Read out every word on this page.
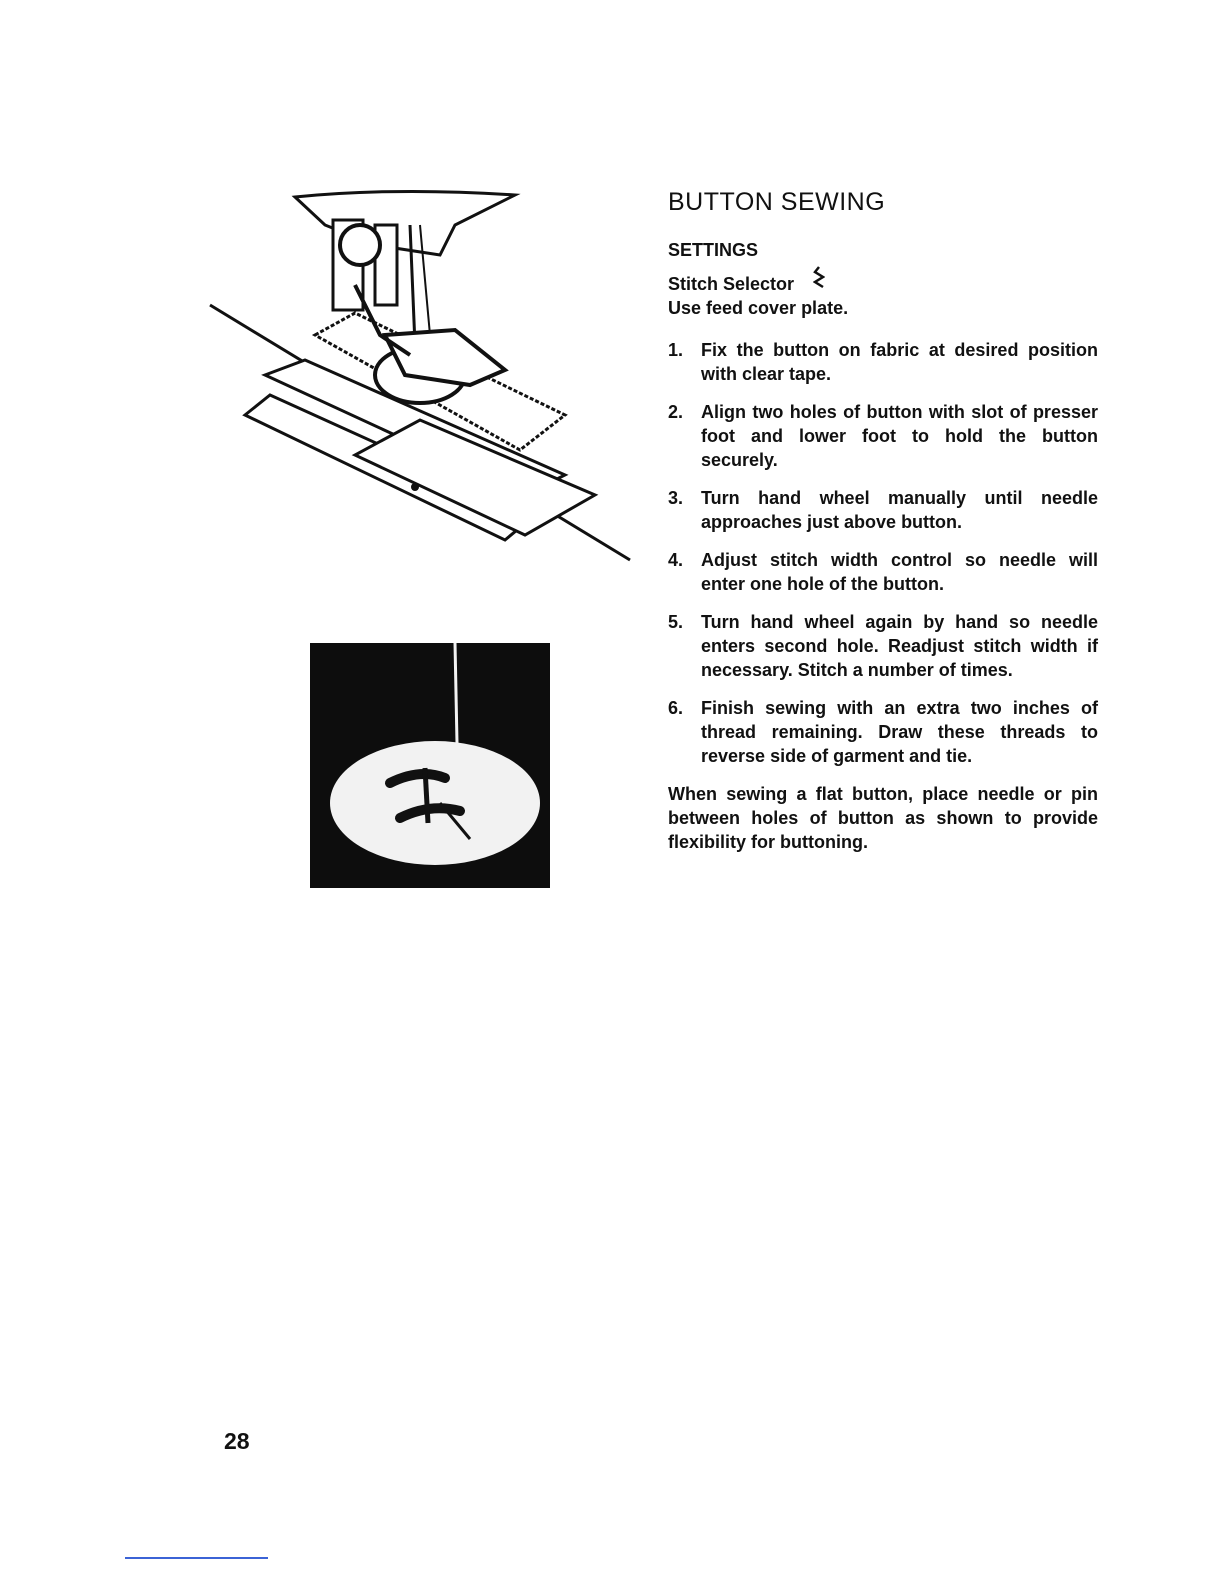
BUTTON SEWING
SETTINGS

Stitch Selector

Use feed cover plate.

1. Fix the button on fabric at desired position with clear tape.
2. Align two holes of button with slot of presser foot and lower foot to hold the button securely.
3. Turn hand wheel manually until needle approaches just above button.
4. Adjust stitch width control so needle will enter one hole of the button.
5. Turn hand wheel again by hand so needle enters second hole. Readjust stitch width if necessary. Stitch a number of times.
6. Finish sewing with an extra two inches of thread remaining. Draw these threads to reverse side of garment and tie.

When sewing a flat button, place needle or pin between holes of button as shown to provide flexibility for buttoning.

28
